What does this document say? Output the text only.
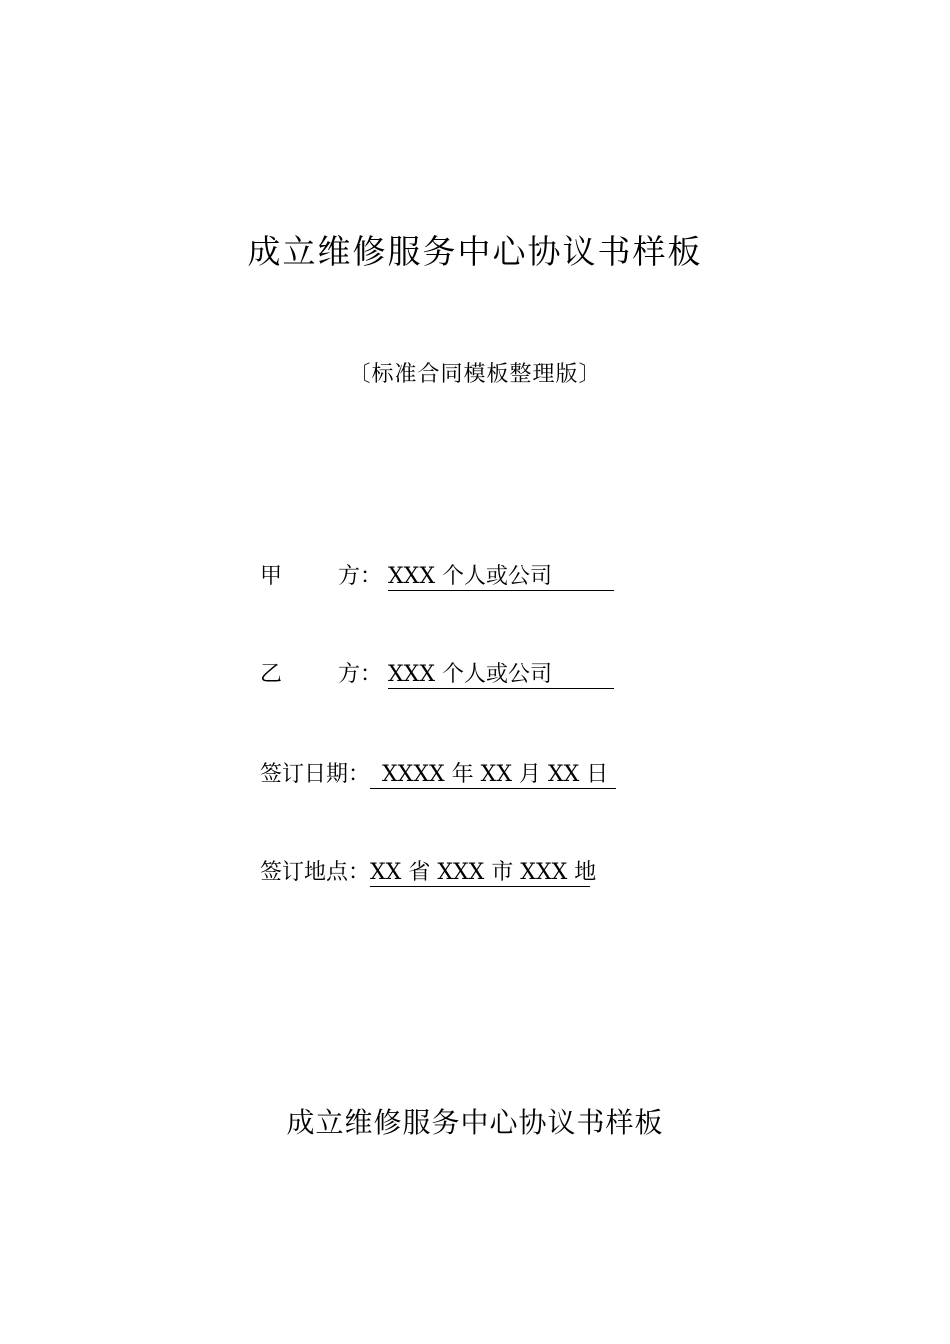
成立维修服务中心协议书样板
〔标准合同模板整理版〕
甲	方： XXX 个人或公司
乙	方： XXX 个人或公司
签订日期： XXXX 年 XX 月 XX 日
签订地点：XX 省 XXX 市 XXX 地
成立维修服务中心协议书样板
